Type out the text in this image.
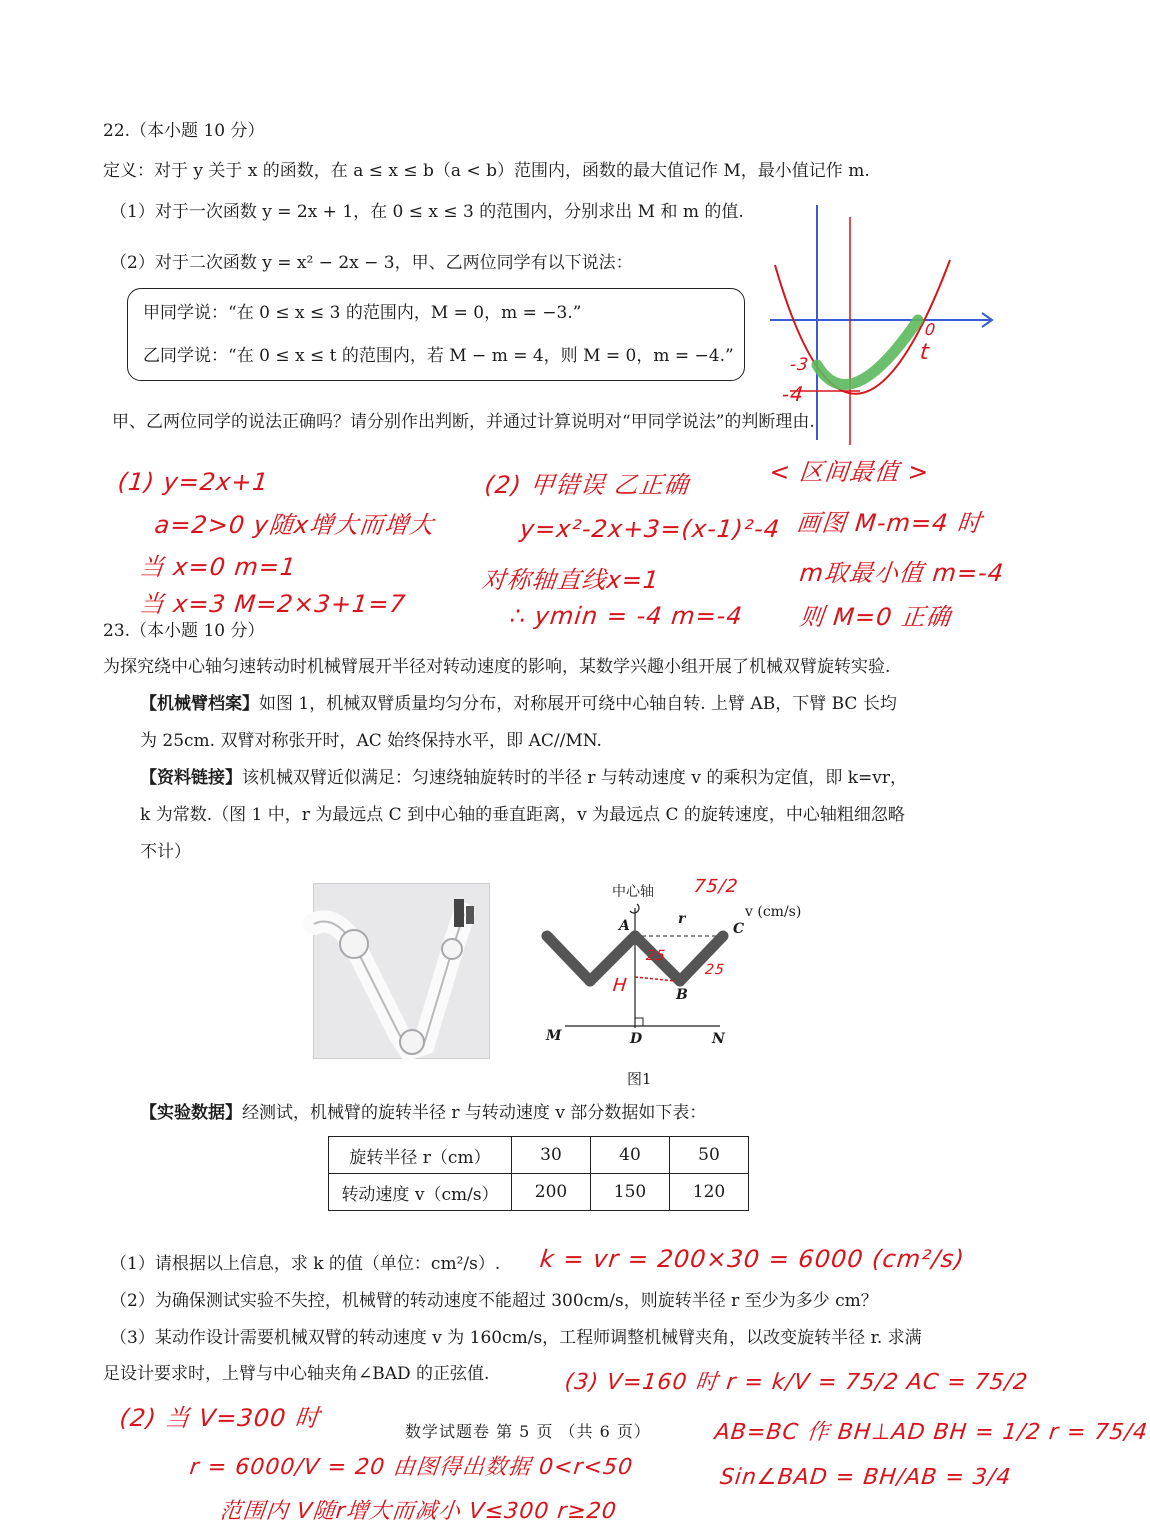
22.（本小题 10 分）
定义：对于 y 关于 x 的函数，在 a ≤ x ≤ b（a < b）范围内，函数的最大值记作 M，最小值记作 m.
（1）对于一次函数 y = 2x + 1，在 0 ≤ x ≤ 3 的范围内，分别求出 M 和 m 的值.
（2）对于二次函数 y = x² − 2x − 3，甲、乙两位同学有以下说法：
甲同学说：“在 0 ≤ x ≤ 3 的范围内，M = 0，m = −3.”
乙同学说：“在 0 ≤ x ≤ t 的范围内，若 M − m = 4，则 M = 0，m = −4.”
甲、乙两位同学的说法正确吗？请分别作出判断，并通过计算说明对“甲同学说法”的判断理由.
-3
-4
0
t
< 区间最值 >
(1) y=2x+1
a=2>0 y随x增大而增大
当 x=0 m=1
当 x=3 M=2×3+1=7
(2) 甲错误 乙正确
y=x²-2x+3=(x-1)²-4
对称轴直线x=1
∴ ymin = -4 m=-4
画图 M-m=4 时
m取最小值 m=-4
则 M=0 正确
23.（本小题 10 分）
为探究绕中心轴匀速转动时机械臂展开半径对转动速度的影响，某数学兴趣小组开展了机械双臂旋转实验.
【机械臂档案】如图 1，机械双臂质量均匀分布，对称展开可绕中心轴自转. 上臂 AB，下臂 BC 长均
为 25cm. 双臂对称张开时，AC 始终保持水平，即 AC//MN.
【资料链接】该机械双臂近似满足：匀速绕轴旋转时的半径 r 与转动速度 v 的乘积为定值，即 k=vr，
k 为常数.（图 1 中，r 为最远点 C 到中心轴的垂直距离，v 为最远点 C 的旋转速度，中心轴粗细忽略
不计）
中心轴
r	v (cm/s)
A
B
C
D
M	N
75/2
25
25
H
图1
【实验数据】经测试，机械臂的旋转半径 r 与转动速度 v 部分数据如下表：
旋转半径 r（cm）	30	40	50
转动速度 v（cm/s）	200	150	120
（1）请根据以上信息，求 k 的值（单位：cm²/s）. k = vr = 200×30 = 6000 (cm²/s)
（2）为确保测试实验不失控，机械臂的转动速度不能超过 300cm/s，则旋转半径 r 至少为多少 cm？
（3）某动作设计需要机械双臂的转动速度 v 为 160cm/s，工程师调整机械臂夹角，以改变旋转半径 r. 求满
足设计要求时，上臂与中心轴夹角∠BAD 的正弦值.	(3) V=160 时 r = k/V = 75/2 AC = 75/2
AB=BC 作 BH⊥AD BH = 1/2 r = 75/4
Sin∠BAD = BH/AB = 3/4
(2) 当 V=300 时
r = 6000/V = 20 由图得出数据 0<r<50
范围内 V随r增大而减小 V≤300 r≥20
数学试题卷 第 5 页 （共 6 页）
